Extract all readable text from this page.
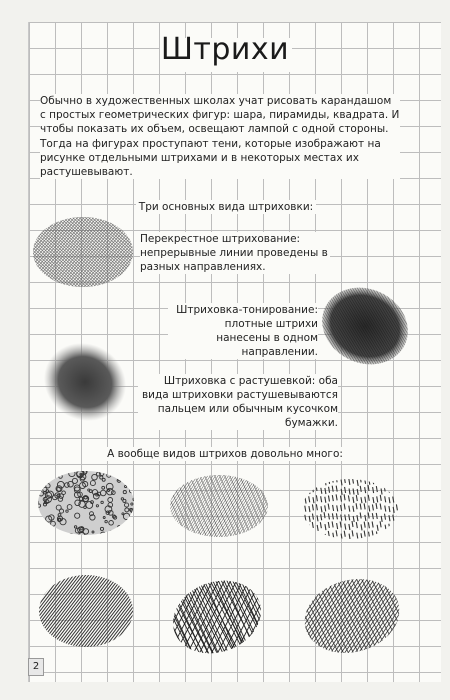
Штрихи
Обычно в художественных школах учат рисовать карандашом с простых геометрических фигур: шара, пирамиды, квадрата. И чтобы показать их объем, освещают лампой с одной стороны. Тогда на фигурах проступают тени, которые изображают на рисунке отдельными штрихами и в некоторых местах их растушевывают.
Три основных вида штриховки:
Перекрестное штрихование: непрерывные линии проведены в разных направлениях.
Штриховка-тонирование: плотные штрихи нанесены в одном направлении.
Штриховка с растушевкой: оба вида штриховки растушевываются пальцем или обычным кусочком бумажки.
А вообще видов штрихов довольно много:
2
